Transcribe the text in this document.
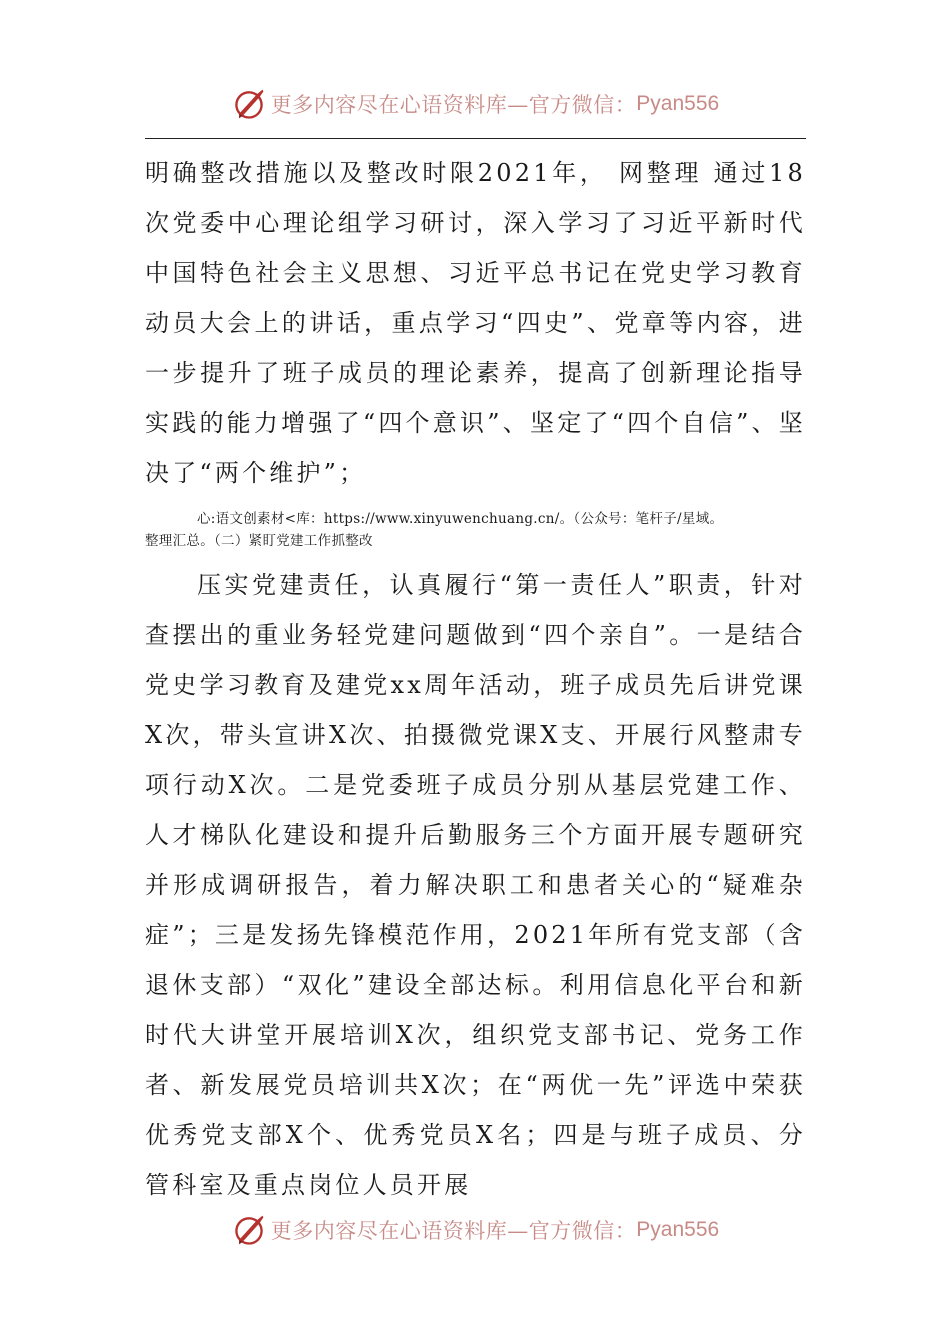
更多内容尽在心语资料库—官方微信： Pyan556

明确整改措施以及整改时限2021年， 网整理 通过18次党委中心理论组学习研讨，深入学习了习近平新时代中国特色社会主义思想、习近平总书记在党史学习教育动员大会上的讲话，重点学习“四史”、党章等内容，进一步提升了班子成员的理论素养，提高了创新理论指导实践的能力增强了“四个意识”、坚定了“四个自信”、坚决了“两个维护”；

心:语文创素材<库：https://www.xinyuwenchuang.cn/。（公众号：笔杆子/星域。
整理汇总。（二）紧盯党建工作抓整改

压实党建责任，认真履行“第一责任人”职责，针对查摆出的重业务轻党建问题做到“四个亲自”。一是结合党史学习教育及建党xx周年活动，班子成员先后讲党课X次，带头宣讲X次、拍摄微党课X支、开展行风整肃专项行动X次。二是党委班子成员分别从基层党建工作、人才梯队化建设和提升后勤服务三个方面开展专题研究并形成调研报告，着力解决职工和患者关心的“疑难杂症”；三是发扬先锋模范作用，2021年所有党支部（含退休支部）“双化”建设全部达标。利用信息化平台和新时代大讲堂开展培训X次，组织党支部书记、党务工作者、新发展党员培训共X次；在“两优一先”评选中荣获优秀党支部X个、优秀党员X名；四是与班子成员、分管科室及重点岗位人员开展

更多内容尽在心语资料库—官方微信： Pyan556
